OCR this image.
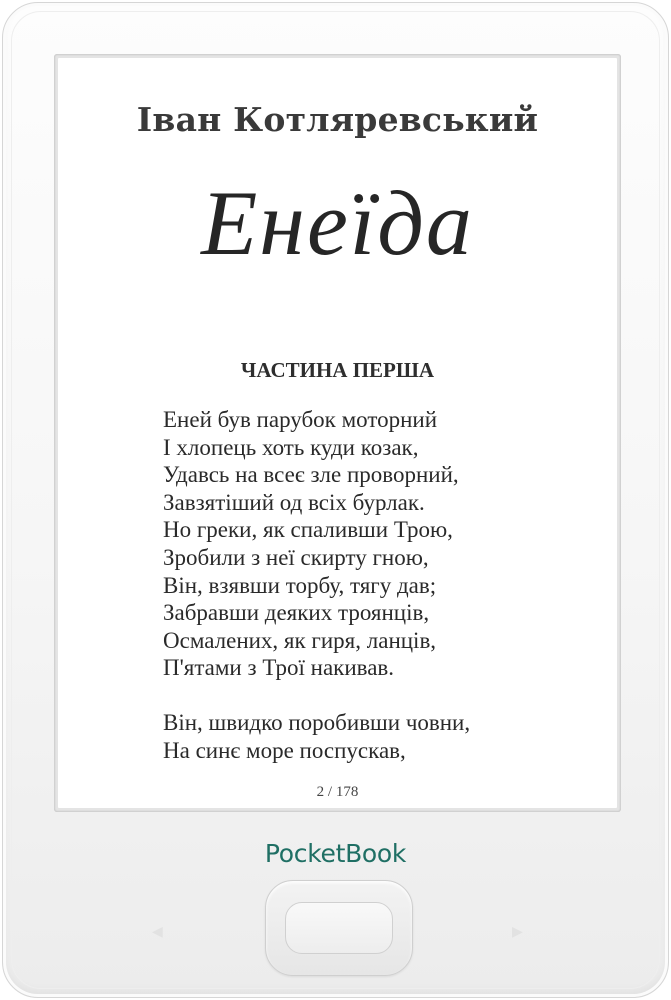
Іван Котляревський
Енеїда
ЧАСТИНА ПЕРША
Еней був парубок моторний
І хлопець хоть куди козак,
Удавсь на всеє зле проворний,
Завзятіший од всіх бурлак.
Но греки, як спаливши Трою,
Зробили з неї скирту гною,
Він, взявши торбу, тягу дав;
Забравши деяких троянців,
Осмалених, як гиря, ланців,
П'ятами з Трої накивав.
Він, швидко поробивши човни,
На синє море поспускав,
2 / 178
PocketBook
◀	▶
